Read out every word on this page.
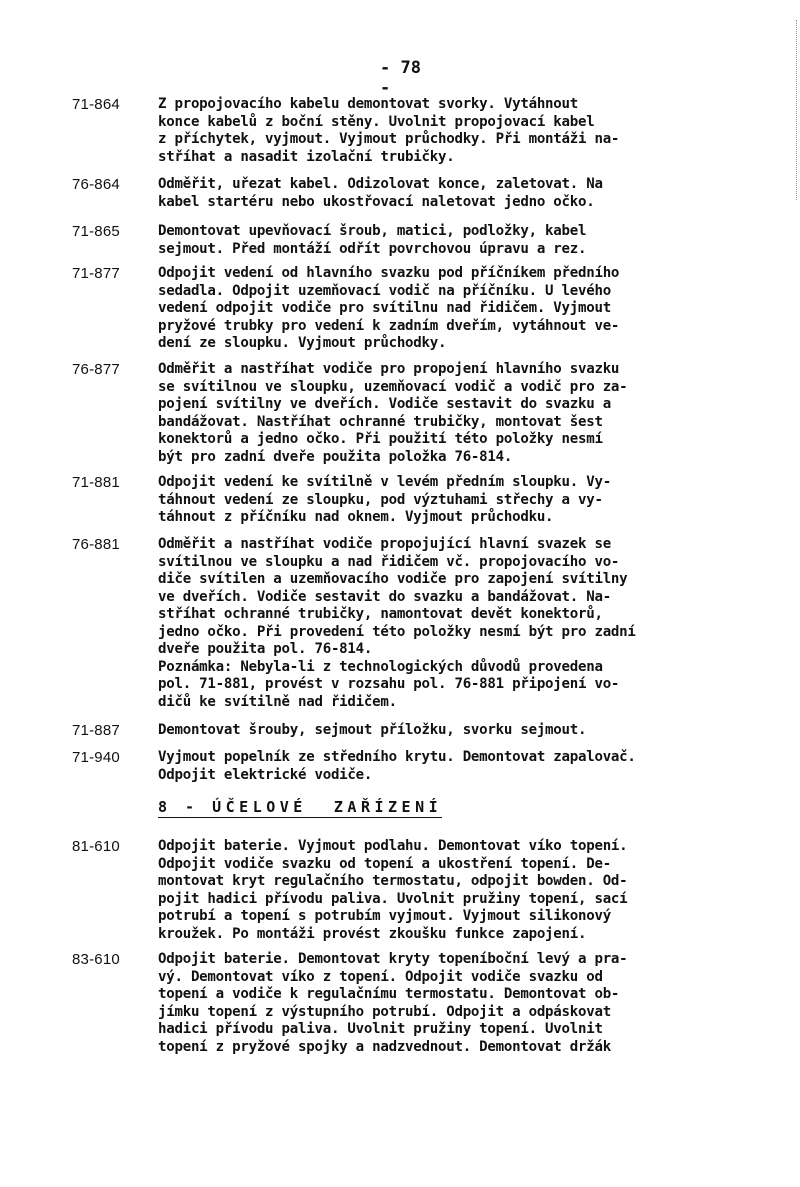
- 78 -
71-864	Z propojovacího kabelu demontovat svorky. Vytáhnout
konce kabelů z boční stěny. Uvolnit propojovací kabel
z příchytek, vyjmout. Vyjmout průchodky. Při montáži na-
stříhat a nasadit izolační trubičky.
76-864	Odměřit, uřezat kabel. Odizolovat konce, zaletovat. Na
kabel startéru nebo ukostřovací naletovat jedno očko.
71-865	Demontovat upevňovací šroub, matici, podložky, kabel
sejmout. Před montáží odřít povrchovou úpravu a rez.
71-877	Odpojit vedení od hlavního svazku pod příčníkem předního
sedadla. Odpojit uzemňovací vodič na příčníku. U levého
vedení odpojit vodiče pro svítilnu nad řidičem. Vyjmout
pryžové trubky pro vedení k zadním dveřím, vytáhnout ve-
dení ze sloupku. Vyjmout průchodky.
76-877	Odměřit a nastříhat vodiče pro propojení hlavního svazku
se svítilnou ve sloupku, uzemňovací vodič a vodič pro za-
pojení svítilny ve dveřích. Vodiče sestavit do svazku a
bandážovat. Nastříhat ochranné trubičky, montovat šest
konektorů a jedno očko. Při použití této položky nesmí
být pro zadní dveře použita položka 76-814.
71-881	Odpojit vedení ke svítilně v levém předním sloupku. Vy-
táhnout vedení ze sloupku, pod výztuhami střechy a vy-
táhnout z příčníku nad oknem. Vyjmout průchodku.
76-881	Odměřit a nastříhat vodiče propojující hlavní svazek se
svítilnou ve sloupku a nad řidičem vč. propojovacího vo-
diče svítilen a uzemňovacího vodiče pro zapojení svítilny
ve dveřích. Vodiče sestavit do svazku a bandážovat. Na-
stříhat ochranné trubičky, namontovat devět konektorů,
jedno očko. Při provedení této položky nesmí být pro zadní
dveře použita pol. 76-814.
Poznámka: Nebyla-li z technologických důvodů provedena
pol. 71-881, provést v rozsahu pol. 76-881 připojení vo-
dičů ke svítilně nad řidičem.
71-887	Demontovat šrouby, sejmout příložku, svorku sejmout.
71-940	Vyjmout popelník ze středního krytu. Demontovat zapalovač.
Odpojit elektrické vodiče.
8 - ÚČELOVÉ  ZAŘÍZENÍ
81-610	Odpojit baterie. Vyjmout podlahu. Demontovat víko topení.
Odpojit vodiče svazku od topení a ukostření topení. De-
montovat kryt regulačního termostatu, odpojit bowden. Od-
pojit hadici přívodu paliva. Uvolnit pružiny topení, sací
potrubí a topení s potrubím vyjmout. Vyjmout silikonový
kroužek. Po montáži provést zkoušku funkce zapojení.
83-610	Odpojit baterie. Demontovat kryty topeníboční levý a pra-
vý. Demontovat víko z topení. Odpojit vodiče svazku od
topení a vodiče k regulačnímu termostatu. Demontovat ob-
jímku topení z výstupního potrubí. Odpojit a odpáskovat
hadici přívodu paliva. Uvolnit pružiny topení. Uvolnit
topení z pryžové spojky a nadzvednout. Demontovat držák
